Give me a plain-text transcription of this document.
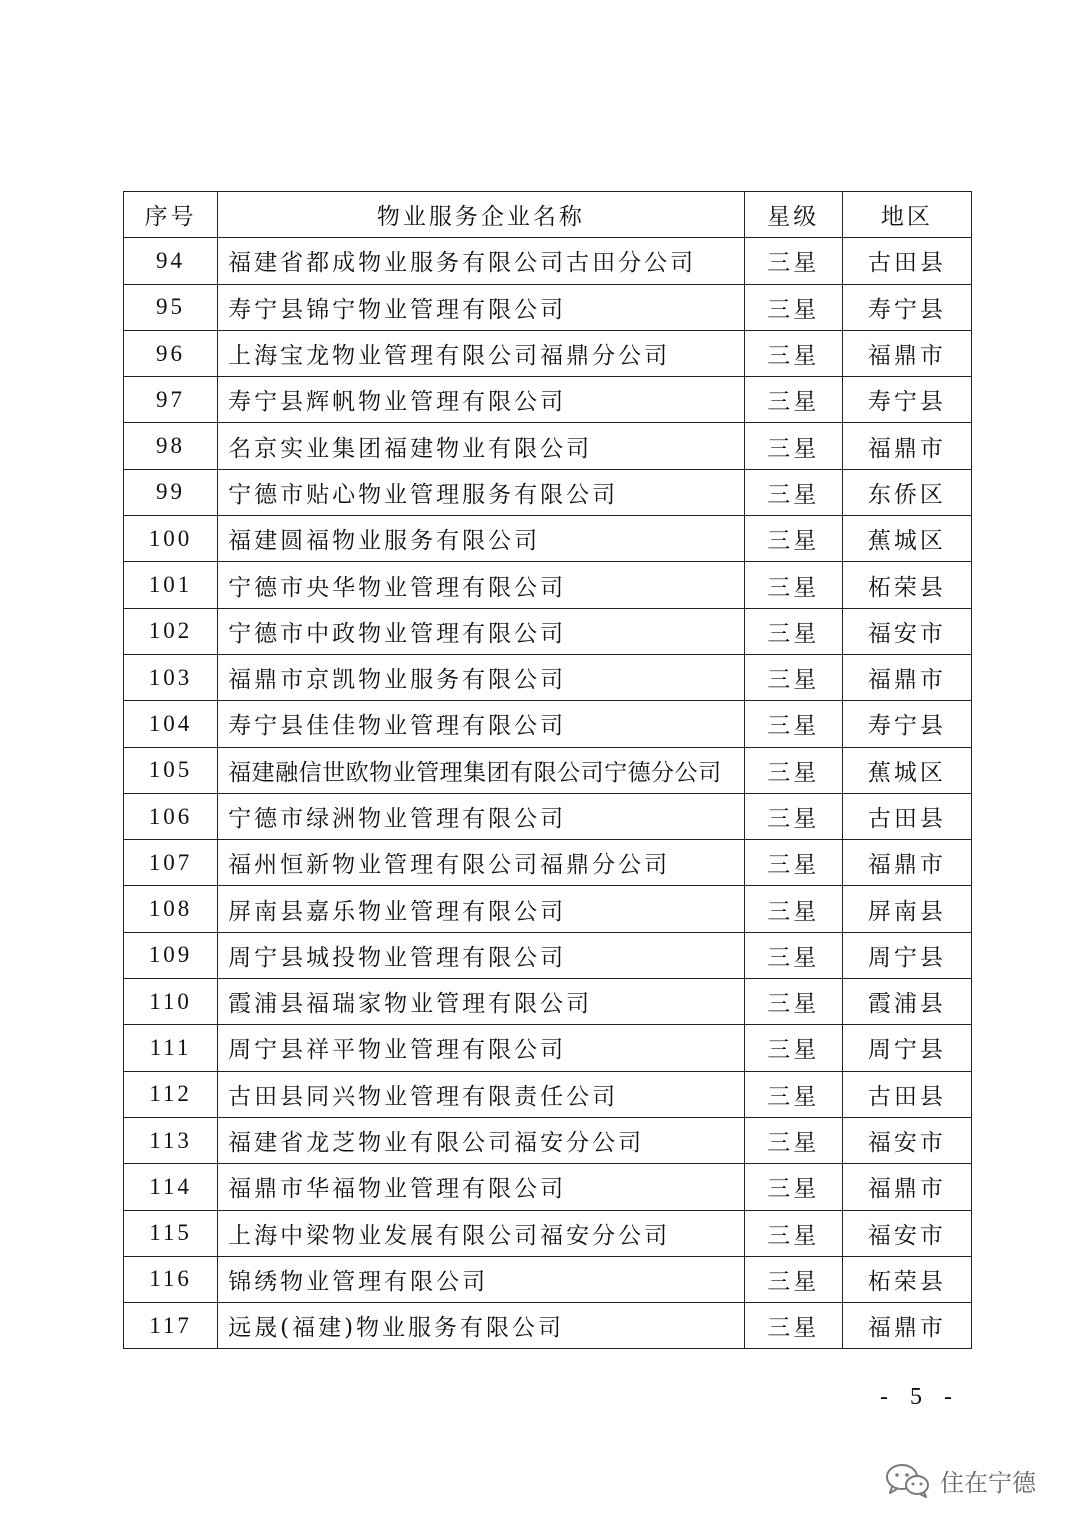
序号	物业服务企业名称	星级	地区
94	福建省都成物业服务有限公司古田分公司	三星	古田县
95	寿宁县锦宁物业管理有限公司	三星	寿宁县
96	上海宝龙物业管理有限公司福鼎分公司	三星	福鼎市
97	寿宁县辉帆物业管理有限公司	三星	寿宁县
98	名京实业集团福建物业有限公司	三星	福鼎市
99	宁德市贴心物业管理服务有限公司	三星	东侨区
100	福建圆福物业服务有限公司	三星	蕉城区
101	宁德市央华物业管理有限公司	三星	柘荣县
102	宁德市中政物业管理有限公司	三星	福安市
103	福鼎市京凯物业服务有限公司	三星	福鼎市
104	寿宁县佳佳物业管理有限公司	三星	寿宁县
105	福建融信世欧物业管理集团有限公司宁德分公司	三星	蕉城区
106	宁德市绿洲物业管理有限公司	三星	古田县
107	福州恒新物业管理有限公司福鼎分公司	三星	福鼎市
108	屏南县嘉乐物业管理有限公司	三星	屏南县
109	周宁县城投物业管理有限公司	三星	周宁县
110	霞浦县福瑞家物业管理有限公司	三星	霞浦县
111	周宁县祥平物业管理有限公司	三星	周宁县
112	古田县同兴物业管理有限责任公司	三星	古田县
113	福建省龙芝物业有限公司福安分公司	三星	福安市
114	福鼎市华福物业管理有限公司	三星	福鼎市
115	上海中梁物业发展有限公司福安分公司	三星	福安市
116	锦绣物业管理有限公司	三星	柘荣县
117	远晟(福建)物业服务有限公司	三星	福鼎市
- 5 -
住在宁德
